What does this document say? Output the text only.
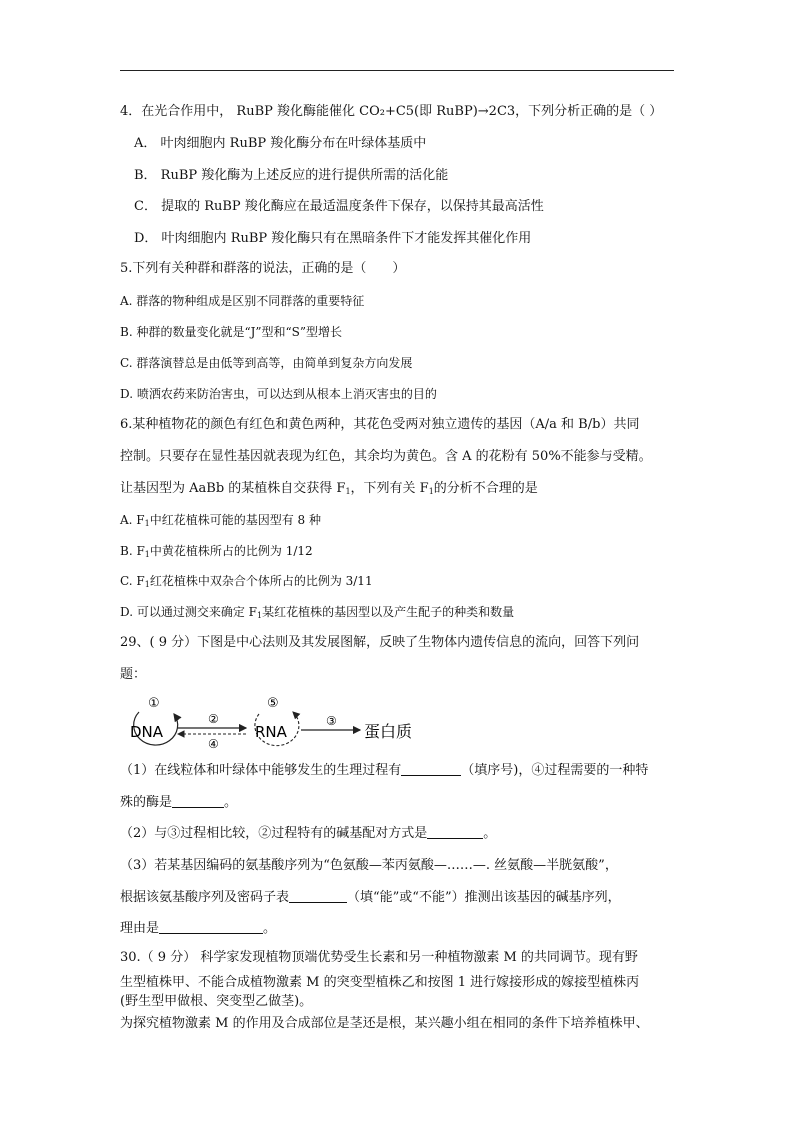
4．在光合作用中， RuBP 羧化酶能催化 CO₂+C5(即 RuBP)→2C3，下列分析正确的是（ ）
A． 叶肉细胞内 RuBP 羧化酶分布在叶绿体基质中
B． RuBP 羧化酶为上述反应的进行提供所需的活化能
C． 提取的 RuBP 羧化酶应在最适温度条件下保存，以保持其最高活性
D． 叶肉细胞内 RuBP 羧化酶只有在黑暗条件下才能发挥其催化作用
5.下列有关种群和群落的说法，正确的是（　　）
A. 群落的物种组成是区别不同群落的重要特征
B. 种群的数量变化就是“J”型和“S”型增长
C. 群落演替总是由低等到高等，由简单到复杂方向发展
D. 喷洒农药来防治害虫，可以达到从根本上消灭害虫的目的
6.某种植物花的颜色有红色和黄色两种，其花色受两对独立遗传的基因（A/a 和 B/b）共同
控制。只要存在显性基因就表现为红色，其余均为黄色。含 A 的花粉有 50%不能参与受精。
让基因型为 AaBb 的某植株自交获得 $F_1$，下列有关 $F_1$的分析不合理的是
A. $F_1$中红花植株可能的基因型有 8 种
B. $F_1$中黄花植株所占的比例为 1/12
C. $F_1$红花植株中双杂合个体所占的比例为 3/11
D. 可以通过测交来确定 $F_1$某红花植株的基因型以及产生配子的种类和数量
29、( 9 分）下图是中心法则及其发展图解，反映了生物体内遗传信息的流向，回答下列问
题：
①
DNA
②
④
⑤
RNA
③
蛋白质
（1）在线粒体和叶绿体中能够发生的生理过程有	（填序号)，④过程需要的一种特
殊的酶是	。
（2）与③过程相比较，②过程特有的碱基配对方式是	。
（3）若某基因编码的氨基酸序列为“色氨酸—苯丙氨酸—……—. 丝氨酸—半胱氨酸”，
根据该氨基酸序列及密码子表	（填“能”或“不能”）推测出该基因的碱基序列，
理由是	。
30.（ 9 分） 科学家发现植物顶端优势受生长素和另一种植物激素 M 的共同调节。现有野
生型植株甲、不能合成植物激素 M 的突变型植株乙和按图 1 进行嫁接形成的嫁接型植株丙
(野生型甲做根、突变型乙做茎)。
为探究植物激素 M 的作用及合成部位是茎还是根，某兴趣小组在相同的条件下培养植株甲、
